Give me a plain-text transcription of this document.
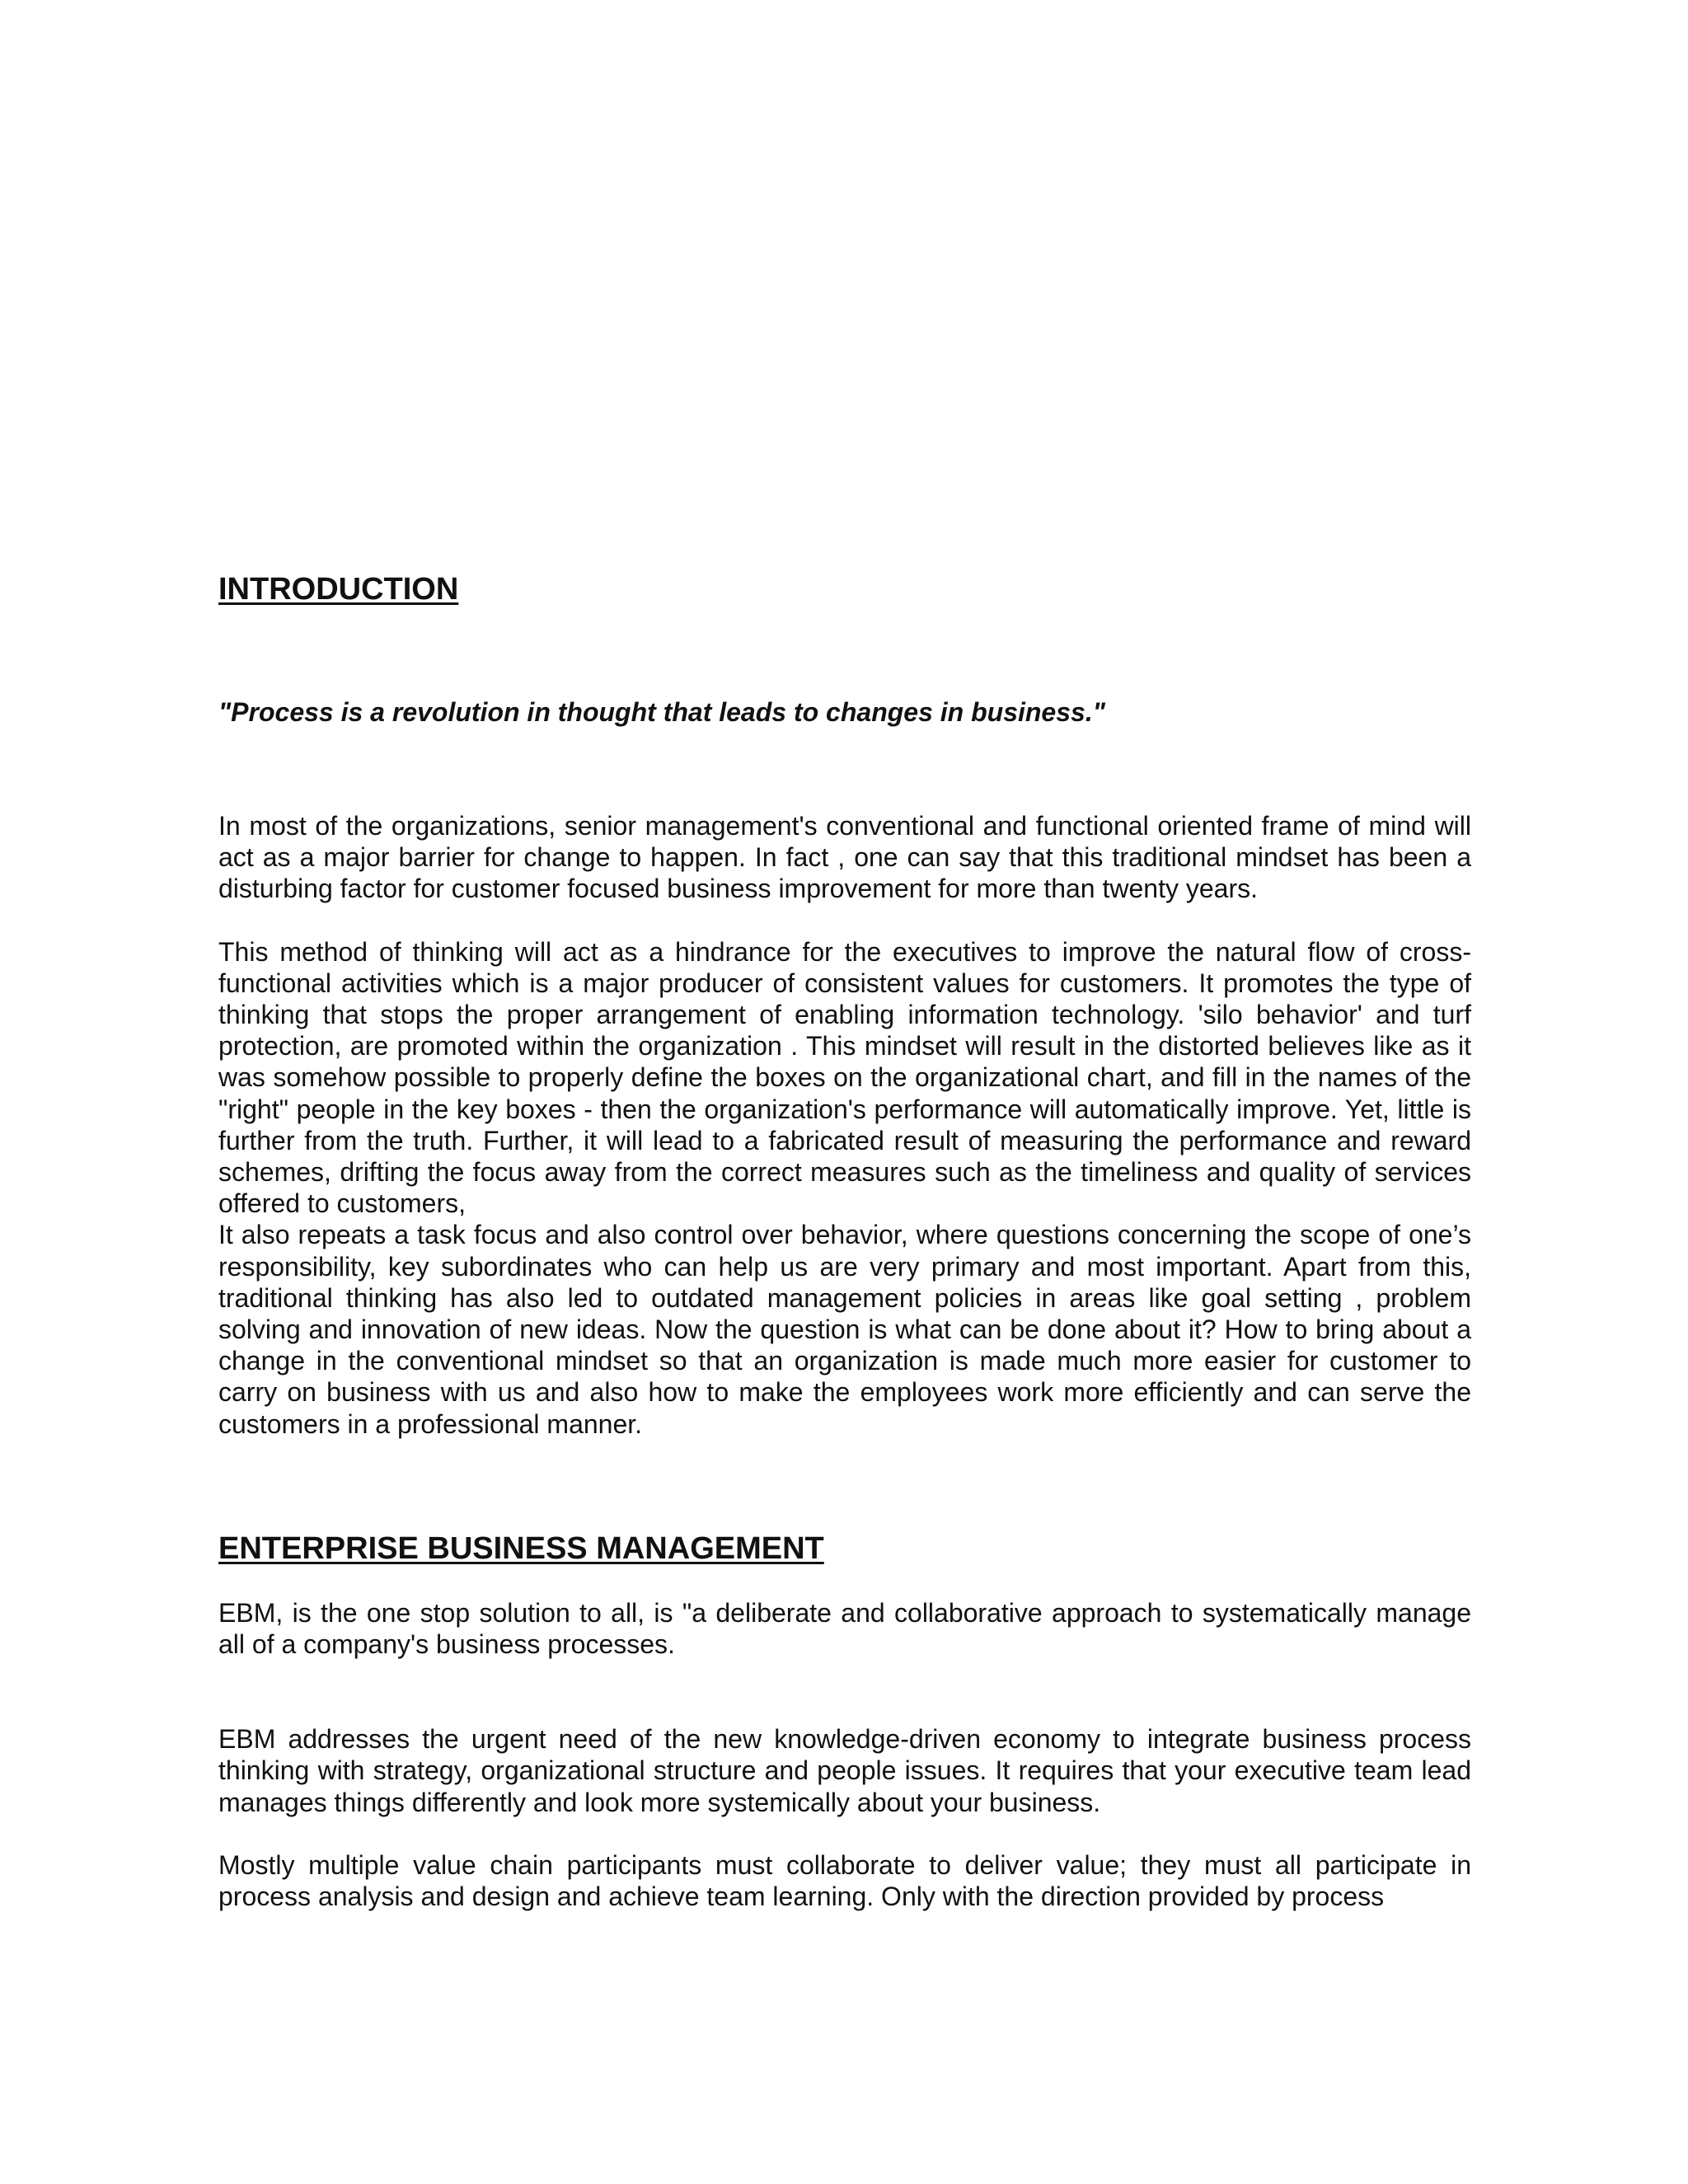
INTRODUCTION

"Process is a revolution in thought that leads to changes in business."

In most of the organizations, senior management's conventional and functional oriented frame of mind will act as a major barrier for change to happen. In fact , one can say that this traditional mindset has been a disturbing factor for customer focused business improvement for more than twenty years.

This method of thinking will act as a hindrance for the executives to improve the natural flow of cross-functional activities which is a major producer of consistent values for customers. It promotes the type of thinking that stops the proper arrangement of enabling information technology. 'silo behavior' and turf protection, are promoted within the organization . This mindset will result in the distorted believes like as it was somehow possible to properly define the boxes on the organizational chart, and fill in the names of the "right" people in the key boxes - then the organization's performance will automatically improve. Yet, little is further from the truth. Further, it will lead to a fabricated result of measuring the performance and reward schemes, drifting the focus away from the correct measures such as the timeliness and quality of services offered to customers,

It also repeats a task focus and also control over behavior, where questions concerning the scope of one’s responsibility, key subordinates who can help us are very primary and most important. Apart from this, traditional thinking has also led to outdated management policies in areas like goal setting , problem solving and innovation of new ideas. Now the question is what can be done about it? How to bring about a change in the conventional mindset so that an organization is made much more easier for customer to carry on business with us and also how to make the employees work more efficiently and can serve the customers in a professional manner.

ENTERPRISE BUSINESS MANAGEMENT

EBM, is the one stop solution to all, is "a deliberate and collaborative approach to systematically manage all of a company's business processes.

EBM addresses the urgent need of the new knowledge-driven economy to integrate business process thinking with strategy, organizational structure and people issues. It requires that your executive team lead manages things differently and look more systemically about your business.

Mostly multiple value chain participants must collaborate to deliver value; they must all participate in process analysis and design and achieve team learning. Only with the direction provided by process
